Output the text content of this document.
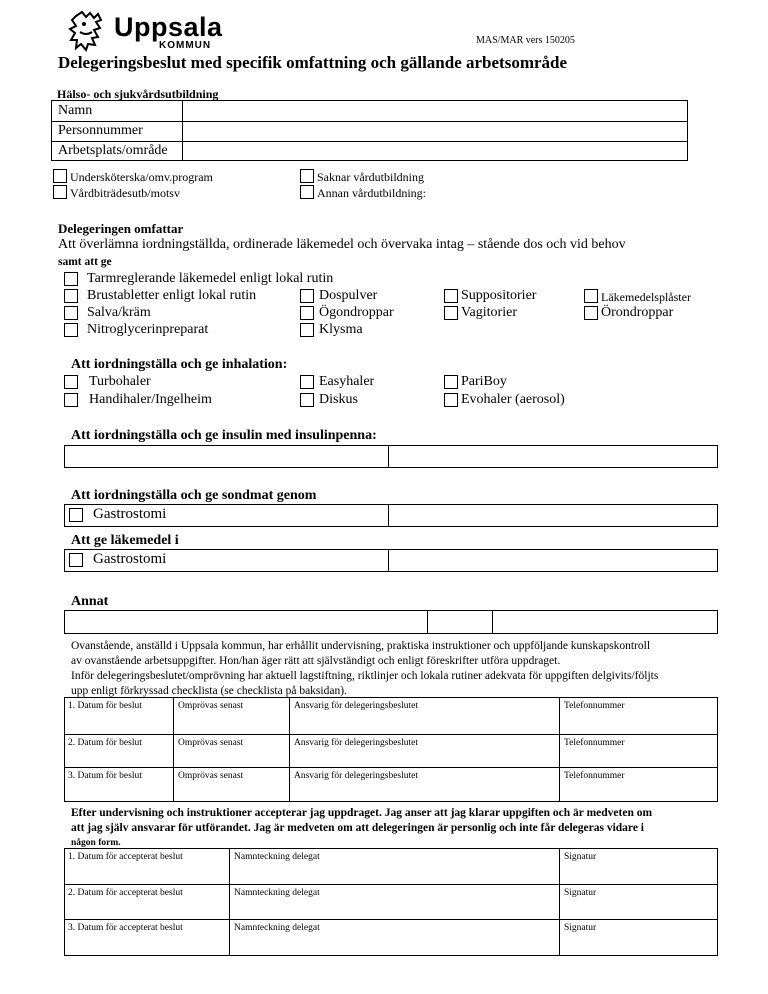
Uppsala
KOMMUN	MAS/MAR vers 150205
Delegeringsbeslut med specifik omfattning och gällande arbetsområde
Hälso- och sjukvårdsutbildning
Namn
Personnummer
Arbetsplats/område
Undersköterska/omv.program
Vårdbiträdesutb/motsv
Saknar vårdutbildning
Annan vårdutbildning:
Delegeringen omfattar
Att överlämna iordningställda, ordinerade läkemedel och övervaka intag – stående dos och vid behov
samt att ge
Tarmreglerande läkemedel enligt lokal rutin
Brustabletter enligt lokal rutin
Salva/kräm
Nitroglycerinpreparat
Dospulver
Ögondroppar
Klysma
Suppositorier
Vagitorier
Läkemedelsplåster
Örondroppar
Att iordningställa och ge inhalation:
Turbohaler
Handihaler/Ingelheim
Easyhaler
Diskus
PariBoy
Evohaler (aerosol)
Att iordningställa och ge insulin med insulinpenna:
Att iordningställa och ge sondmat genom
Gastrostomi
Att ge läkemedel i
Gastrostomi
Annat
Ovanstående, anställd i Uppsala kommun, har erhållit undervisning, praktiska instruktioner och uppföljande kunskapskontroll
av ovanstående arbetsuppgifter. Hon/han äger rätt att självständigt och enligt föreskrifter utföra uppdraget.
Inför delegeringsbeslutet/omprövning har aktuell lagstiftning, riktlinjer och lokala rutiner adekvata för uppgiften delgivits/följts
upp enligt förkryssad checklista (se checklista på baksidan).
1. Datum för beslut	Omprövas senast	Ansvarig för delegeringsbeslutet	Telefonnummer
2. Datum för beslut	Omprövas senast	Ansvarig för delegeringsbeslutet	Telefonnummer
3. Datum för beslut	Omprövas senast	Ansvarig för delegeringsbeslutet	Telefonnummer
Efter undervisning och instruktioner accepterar jag uppdraget. Jag anser att jag klarar uppgiften och är medveten om
att jag själv ansvarar för utförandet. Jag är medveten om att delegeringen är personlig och inte får delegeras vidare i
någon form.
1. Datum för accepterat beslut	Namnteckning delegat	Signatur
2. Datum för accepterat beslut	Namnteckning delegat	Signatur
3. Datum för accepterat beslut	Namnteckning delegat	Signatur
